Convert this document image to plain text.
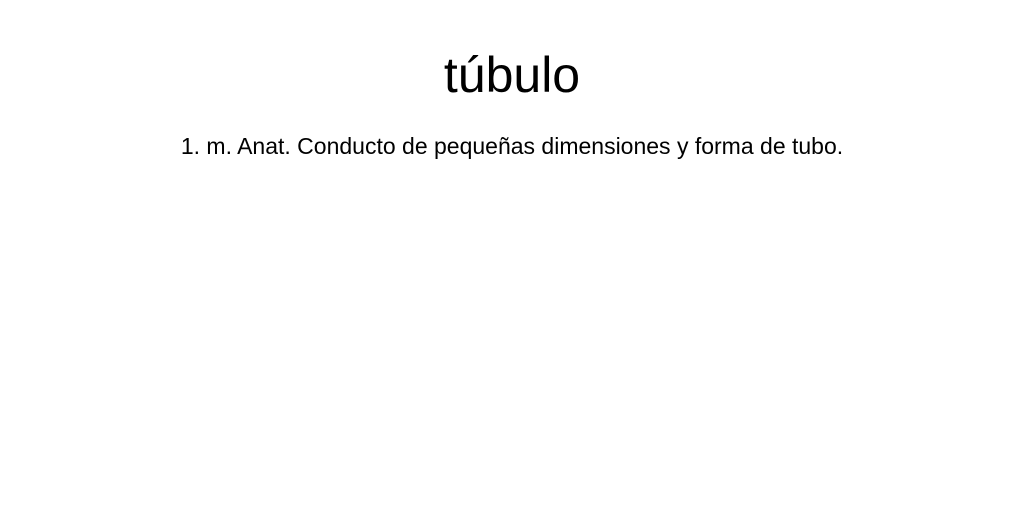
túbulo

1. m. Anat. Conducto de pequeñas dimensiones y forma de tubo.
